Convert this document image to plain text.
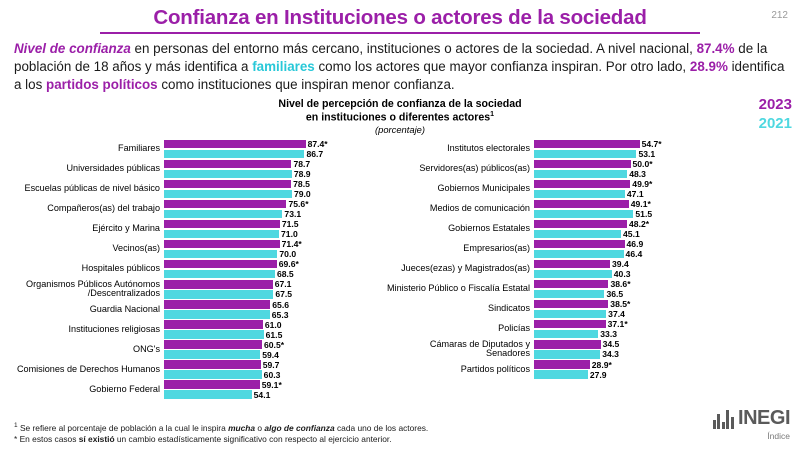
212
Confianza en Instituciones o actores de la sociedad
Nivel de confianza en personas del entorno más cercano, instituciones o actores de la sociedad. A nivel nacional, 87.4% de la población de 18 años y más identifica a familiares como los actores que mayor confianza inspiran. Por otro lado, 28.9% identifica a los partidos políticos como instituciones que inspiran menor confianza.
Nivel de percepción de confianza de la sociedad
en instituciones o diferentes actores$^1$
(porcentaje)
Familiares	87.4*
86.7
Universidades públicas	78.7
78.9
Escuelas públicas de nivel básico	78.5
79.0
Compañeros(as) del trabajo	75.6*
73.1
Ejército y Marina	71.5
71.0
Vecinos(as)	71.4*
70.0
Hospitales públicos	69.6*
68.5
Organismos Públicos Autónomos /Descentralizados
67.1
67.5
Guardia Nacional	65.6
65.3
Instituciones religiosas	61.0
61.5
ONG's	60.5*
59.4
Comisiones de Derechos Humanos	59.7
60.3
Gobierno Federal	59.1*
54.1
Institutos electorales	54.7*
53.1
Servidores(as) públicos(as)	50.0*
48.3
Gobiernos Municipales	49.9*
47.1
Medios de comunicación	49.1*
51.5
Gobiernos Estatales	48.2*
45.1
Empresarios(as)	46.9
46.4
Jueces(ezas) y Magistrados(as)	39.4
40.3
Ministerio Público o Fiscalía Estatal	38.6*
36.5
Sindicatos	38.5*
37.4
Policías	37.1*
33.3
Cámaras de Diputados y Senadores
34.5
34.3
Partidos políticos	28.9*
27.9
2023
2021
$^1$ Se refiere al porcentaje de población a la cual le inspira mucha o algo de confianza cada uno de los actores.
* En estos casos sí existió un cambio estadísticamente significativo con respecto al ejercicio anterior.
INEGI
Índice
